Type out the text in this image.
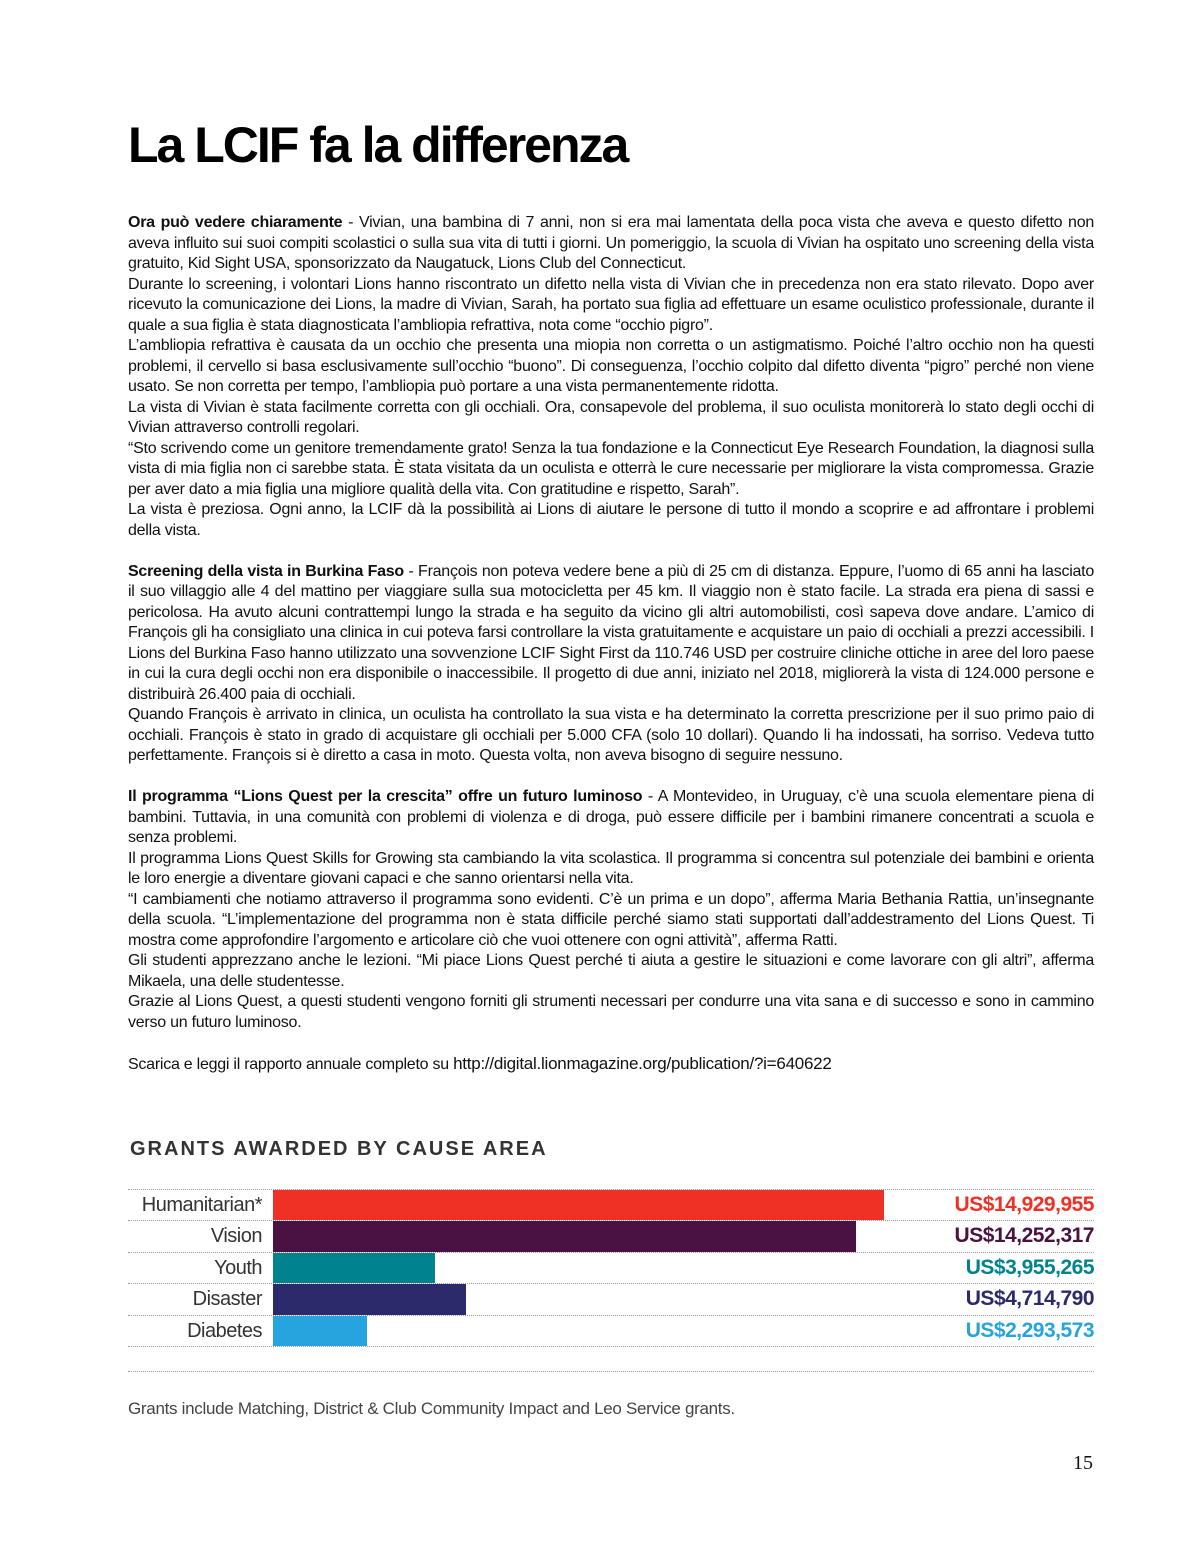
La LCIF fa la differenza

Ora può vedere chiaramente - Vivian, una bambina di 7 anni, non si era mai lamentata della poca vista che aveva e questo difetto non aveva influito sui suoi compiti scolastici o sulla sua vita di tutti i giorni. Un pomeriggio, la scuola di Vivian ha ospitato uno screening della vista gratuito, Kid Sight USA, sponsorizzato da Naugatuck, Lions Club del Connecticut.

Durante lo screening, i volontari Lions hanno riscontrato un difetto nella vista di Vivian che in precedenza non era stato rilevato. Dopo aver ricevuto la comunicazione dei Lions, la madre di Vivian, Sarah, ha portato sua figlia ad effettuare un esame oculistico professionale, durante il quale a sua figlia è stata diagnosticata l’ambliopia refrattiva, nota come “occhio pigro”.

L’ambliopia refrattiva è causata da un occhio che presenta una miopia non corretta o un astigmatismo. Poiché l’altro occhio non ha questi problemi, il cervello si basa esclusivamente sull’occhio “buono”. Di conseguenza, l’occhio colpito dal difetto diventa “pigro” perché non viene usato. Se non corretta per tempo, l’ambliopia può portare a una vista permanentemente ridotta.

La vista di Vivian è stata facilmente corretta con gli occhiali. Ora, consapevole del problema, il suo oculista monitorerà lo stato degli occhi di Vivian attraverso controlli regolari.

“Sto scrivendo come un genitore tremendamente grato! Senza la tua fondazione e la Connecticut Eye Research Foundation, la diagnosi sulla vista di mia figlia non ci sarebbe stata. È stata visitata da un oculista e otterrà le cure necessarie per migliorare la vista compromessa. Grazie per aver dato a mia figlia una migliore qualità della vita. Con gratitudine e rispetto, Sarah”.

La vista è preziosa. Ogni anno, la LCIF dà la possibilità ai Lions di aiutare le persone di tutto il mondo a scoprire e ad affrontare i problemi della vista.

Screening della vista in Burkina Faso - François non poteva vedere bene a più di 25 cm di distanza. Eppure, l’uomo di 65 anni ha lasciato il suo villaggio alle 4 del mattino per viaggiare sulla sua motocicletta per 45 km. Il viaggio non è stato facile. La strada era piena di sassi e pericolosa. Ha avuto alcuni contrattempi lungo la strada e ha seguito da vicino gli altri automobilisti, così sapeva dove andare. L’amico di François gli ha consigliato una clinica in cui poteva farsi controllare la vista gratuitamente e acquistare un paio di occhiali a prezzi accessibili. I Lions del Burkina Faso hanno utilizzato una sovvenzione LCIF Sight First da 110.746 USD per costruire cliniche ottiche in aree del loro paese in cui la cura degli occhi non era disponibile o inaccessibile. Il progetto di due anni, iniziato nel 2018, migliorerà la vista di 124.000 persone e distribuirà 26.400 paia di occhiali.

Quando François è arrivato in clinica, un oculista ha controllato la sua vista e ha determinato la corretta prescrizione per il suo primo paio di occhiali. François è stato in grado di acquistare gli occhiali per 5.000 CFA (solo 10 dollari). Quando li ha indossati, ha sorriso. Vedeva tutto perfettamente. François si è diretto a casa in moto. Questa volta, non aveva bisogno di seguire nessuno.

Il programma “Lions Quest per la crescita” offre un futuro luminoso - A Montevideo, in Uruguay, c’è una scuola elementare piena di bambini. Tuttavia, in una comunità con problemi di violenza e di droga, può essere difficile per i bambini rimanere concentrati a scuola e senza problemi.

Il programma Lions Quest Skills for Growing sta cambiando la vita scolastica. Il programma si concentra sul potenziale dei bambini e orienta le loro energie a diventare giovani capaci e che sanno orientarsi nella vita.

“I cambiamenti che notiamo attraverso il programma sono evidenti. C’è un prima e un dopo”, afferma Maria Bethania Rattia, un’insegnante della scuola. “L’implementazione del programma non è stata difficile perché siamo stati supportati dall’addestramento del Lions Quest. Ti mostra come approfondire l’argomento e articolare ciò che vuoi ottenere con ogni attività”, afferma Ratti.

Gli studenti apprezzano anche le lezioni. “Mi piace Lions Quest perché ti aiuta a gestire le situazioni e come lavorare con gli altri”, afferma Mikaela, una delle studentesse.

Grazie al Lions Quest, a questi studenti vengono forniti gli strumenti necessari per condurre una vita sana e di successo e sono in cammino verso un futuro luminoso.

Scarica e leggi il rapporto annuale completo su http://digital.lionmagazine.org/publication/?i=640622

GRANTS AWARDED BY CAUSE AREA
Humanitarian*	US$14,929,955
Vision	US$14,252,317
Youth	US$3,955,265
Disaster	US$4,714,790
Diabetes	US$2,293,573
Grants include Matching, District & Club Community Impact and Leo Service grants.
15
